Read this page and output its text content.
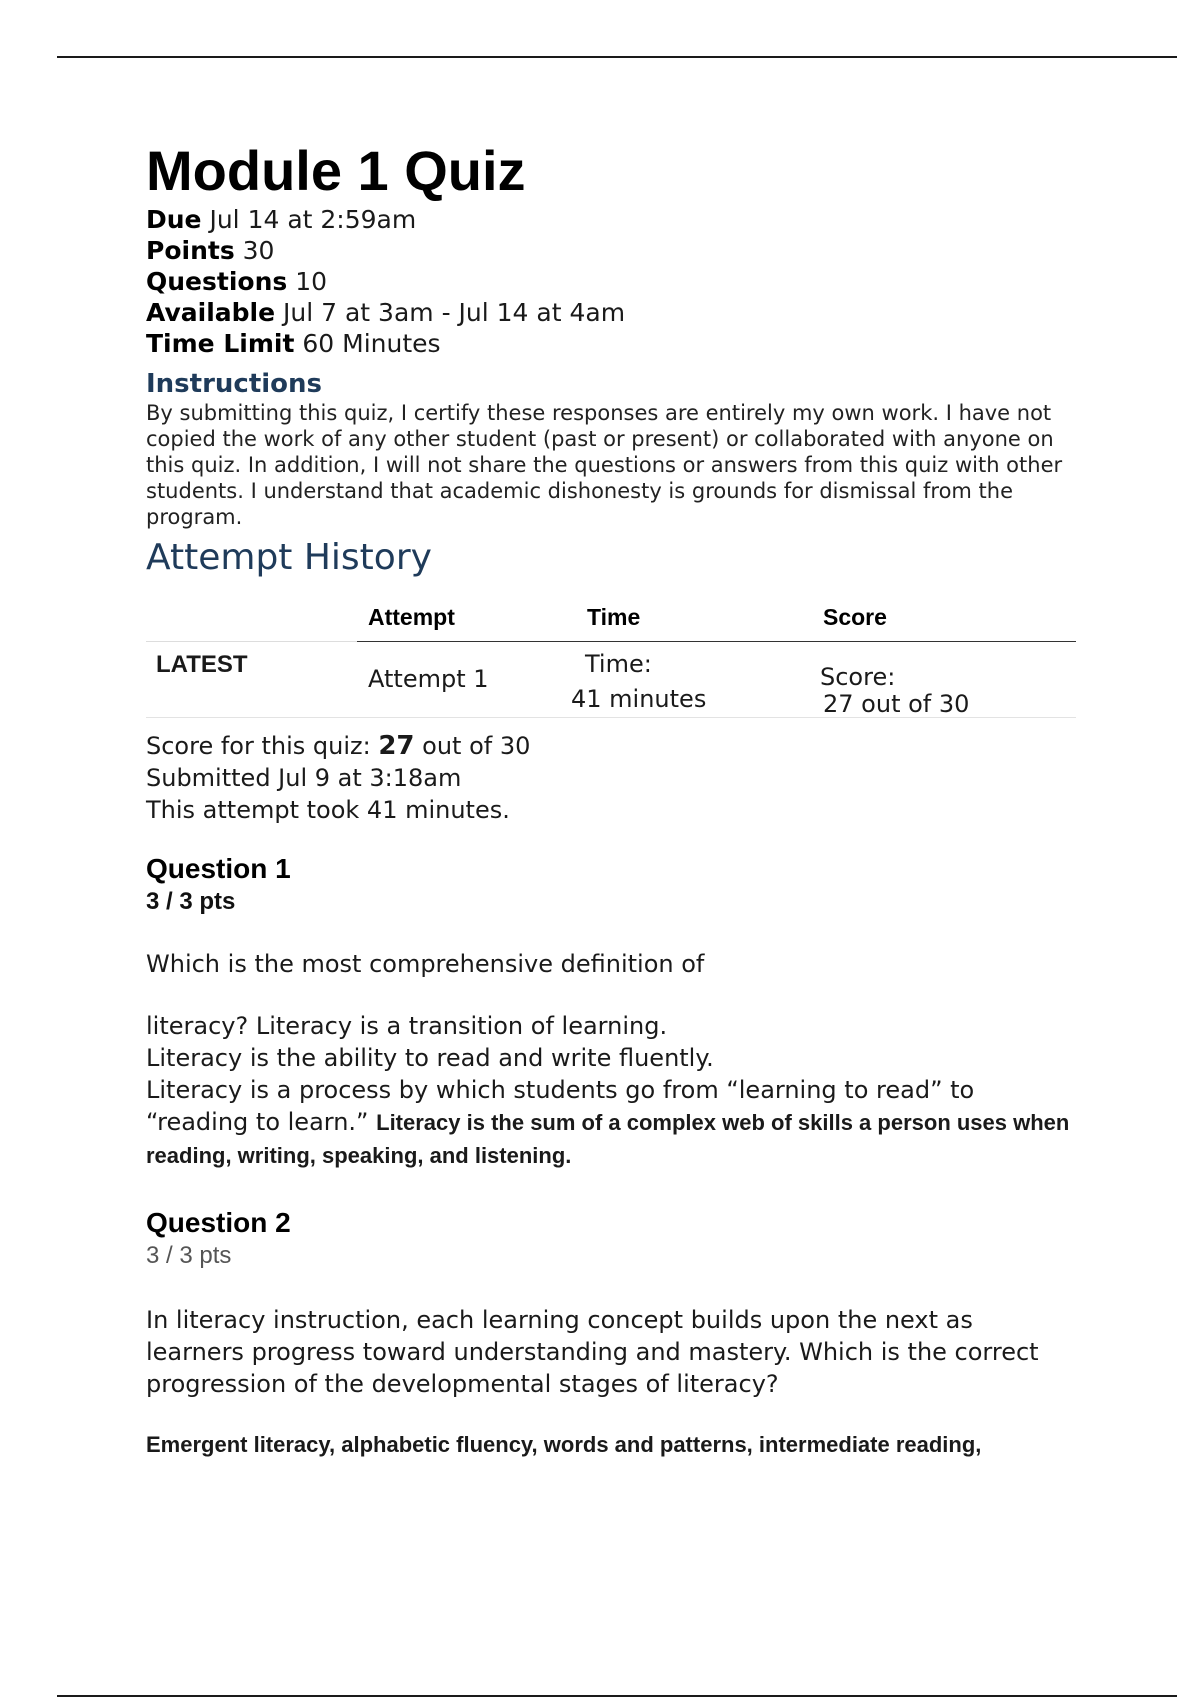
Module 1 Quiz
Due Jul 14 at 2:59am
Points 30
Questions 10
Available Jul 7 at 3am - Jul 14 at 4am
Time Limit 60 Minutes
Instructions
By submitting this quiz, I certify these responses are entirely my own work. I have not copied the work of any other student (past or present) or collaborated with anyone on this quiz. In addition, I will not share the questions or answers from this quiz with other students. I understand that academic dishonesty is grounds for dismissal from the program.
Attempt History
Attempt	Time	Score
LATEST
Attempt 1
Time:
41 minutes
Score:
27 out of 30
Score for this quiz: 27 out of 30
Submitted Jul 9 at 3:18am
This attempt took 41 minutes.
Question 1
3 / 3 pts
Which is the most comprehensive definition of
literacy? Literacy is a transition of learning.
Literacy is the ability to read and write fluently.
Literacy is a process by which students go from “learning to read” to
“reading to learn.” Literacy is the sum of a complex web of skills a person uses when reading, writing, speaking, and listening.
Question 2
3 / 3 pts
In literacy instruction, each learning concept builds upon the next as learners progress toward understanding and mastery. Which is the correct progression of the developmental stages of literacy?
Emergent literacy, alphabetic fluency, words and patterns, intermediate reading,
